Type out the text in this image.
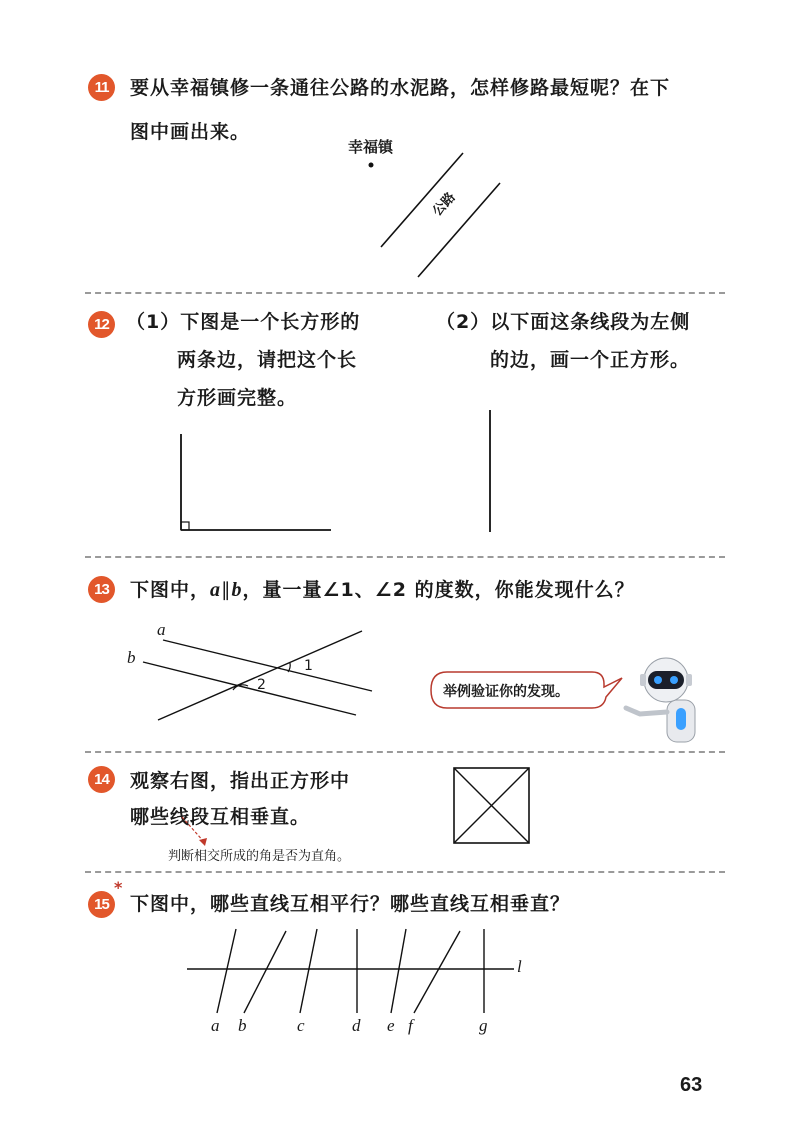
11	要从幸福镇修一条通往公路的水泥路，怎样修路最短呢？在下
图中画出来。
幸福镇
公路
12 （1）下图是一个长方形的
两条边，请把这个长
方形画完整。
（2）以下面这条线段为左侧
的边，画一个正方形。
13	下图中，a∥b，量一量∠1、∠2 的度数，你能发现什么？
a
b	1
2	举例验证你的发现。
14	观察右图，指出正方形中
哪些线段互相垂直。
判断相交所成的角是否为直角。
15
*
下图中，哪些直线互相平行？哪些直线互相垂直？
l
a b	c	d e f	g
63
